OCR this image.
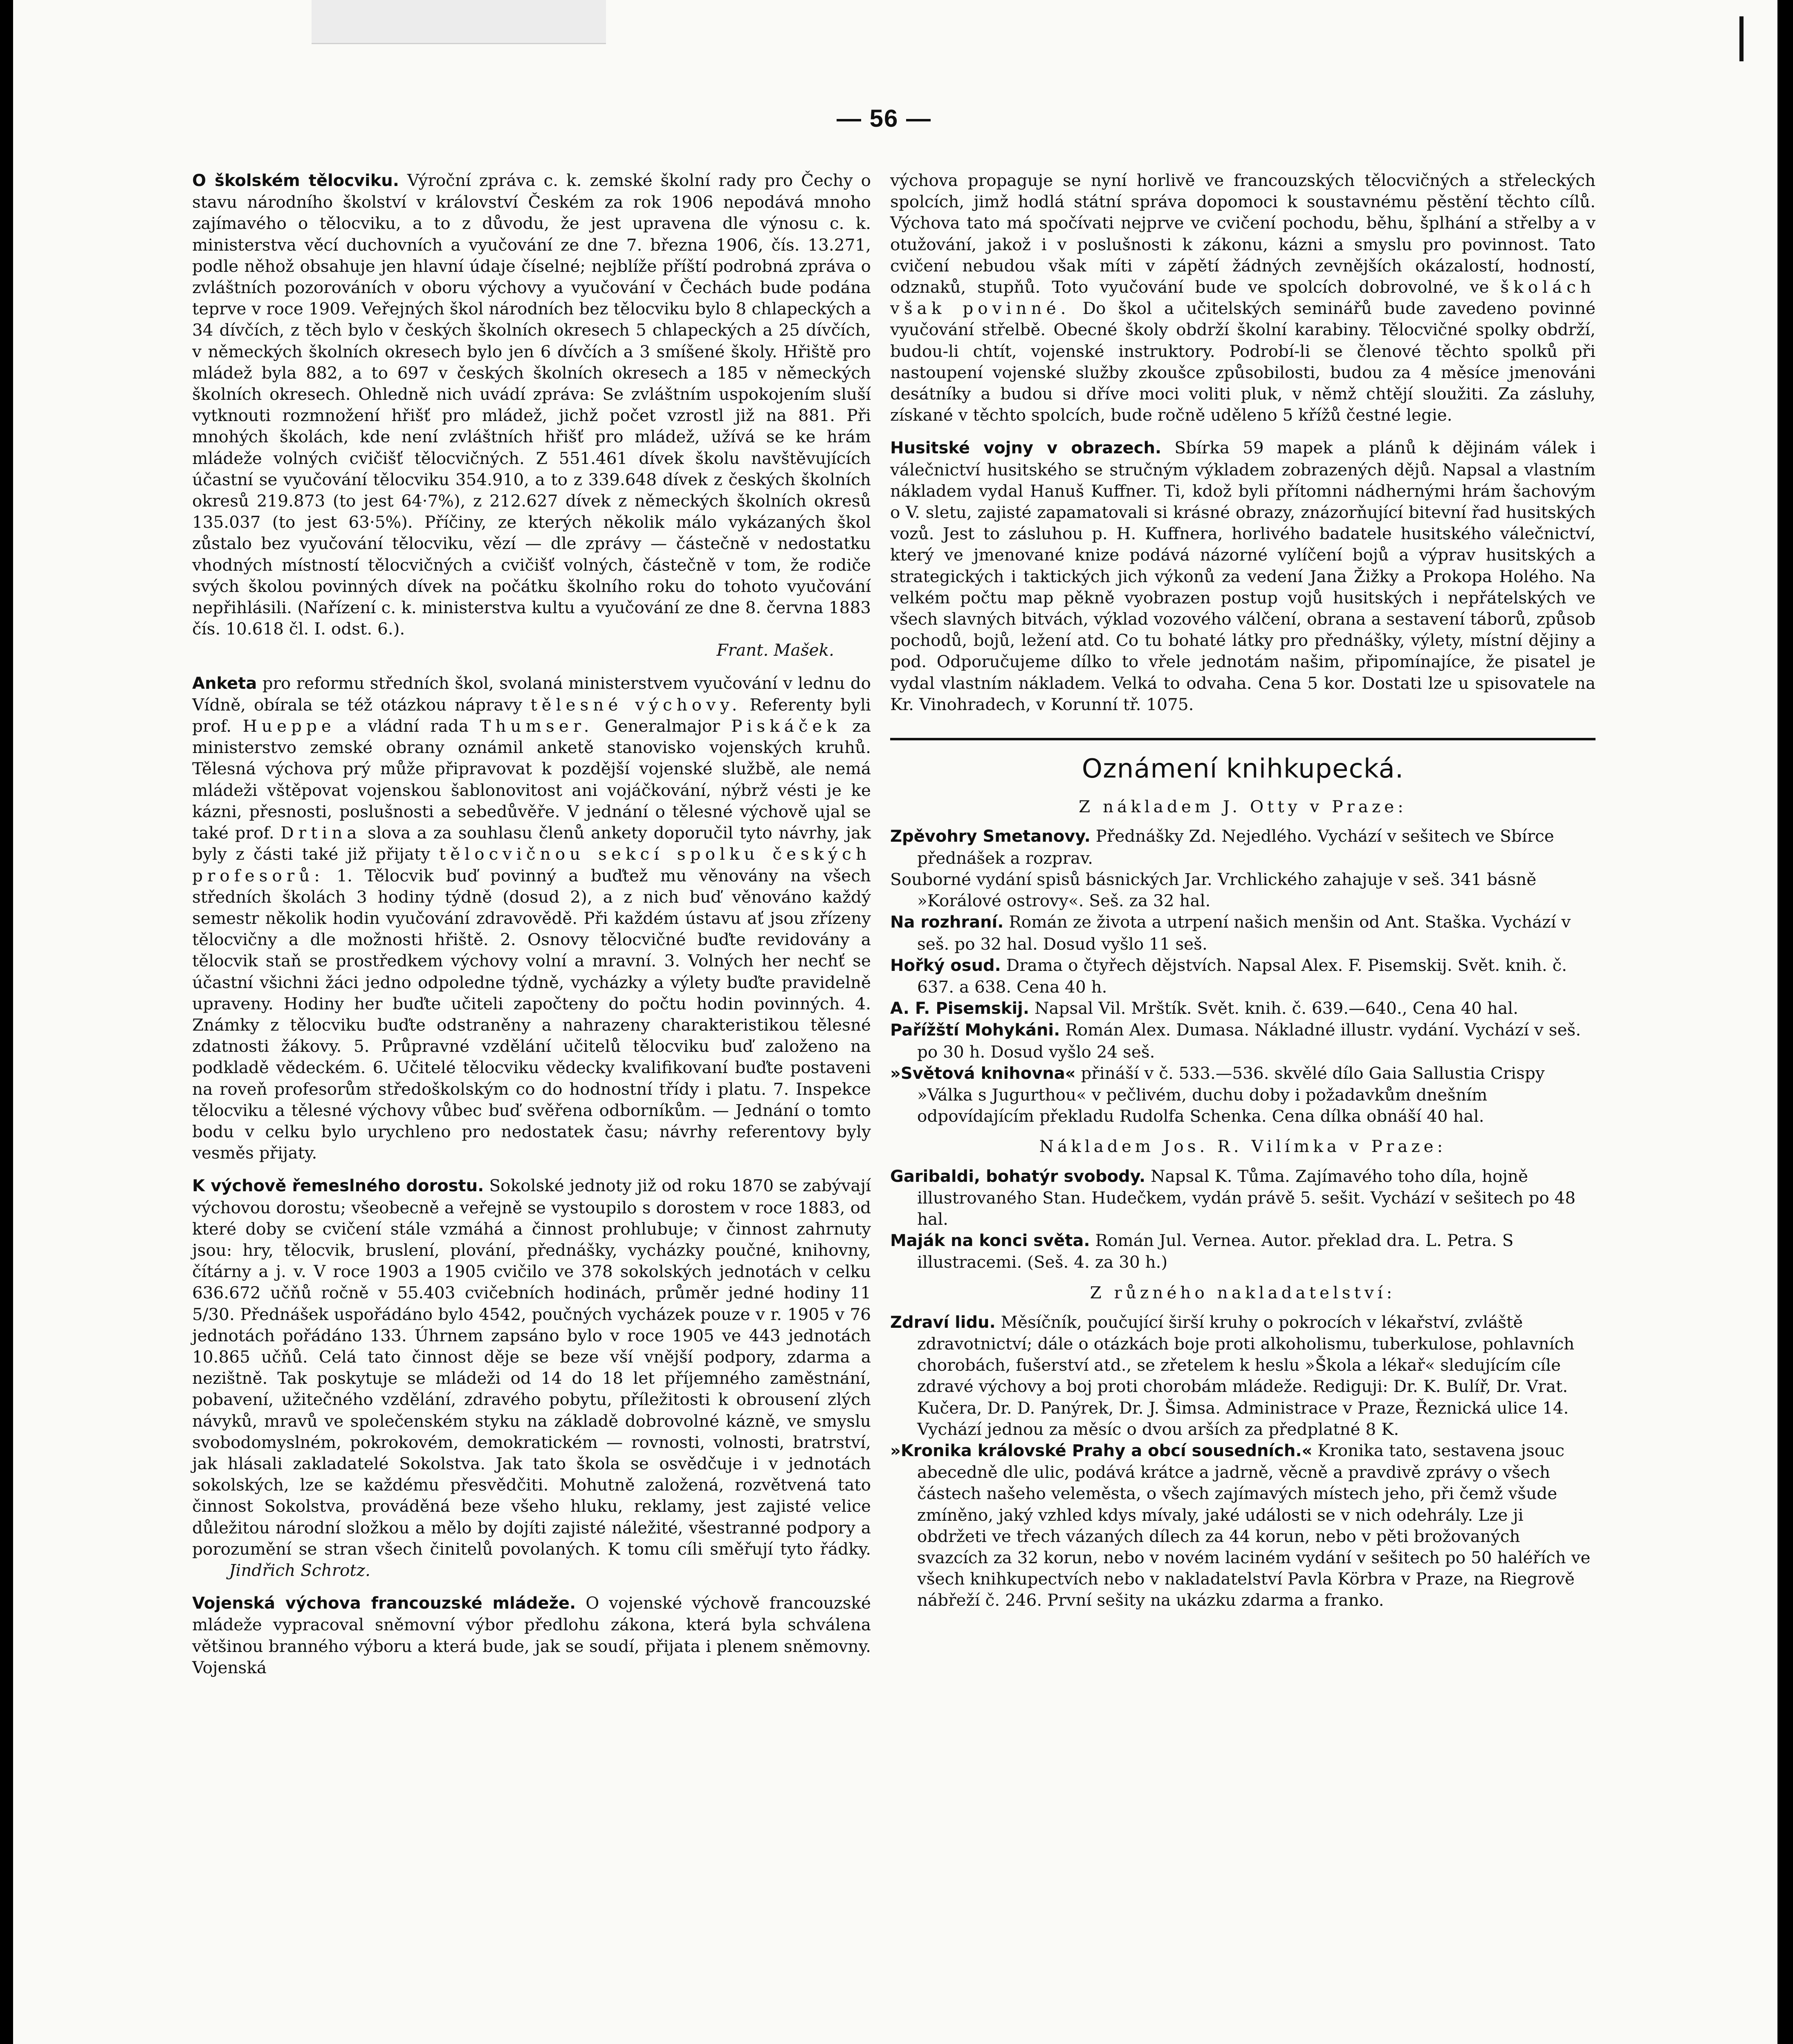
— 56 —

O školském tělocviku. Výroční zpráva c. k. zemské školní rady pro Čechy o stavu národního školství v království Českém za rok 1906 nepodává mnoho zajímavého o tělocviku, a to z důvodu, že jest upravena dle výnosu c. k. ministerstva věcí duchovních a vyučování ze dne 7. března 1906, čís. 13.271, podle něhož obsahuje jen hlavní údaje číselné; nejblíže příští podrobná zpráva o zvláštních pozorováních v oboru výchovy a vyučování v Čechách bude podána teprve v roce 1909. Veřejných škol národních bez tělocviku bylo 8 chlapeckých a 34 dívčích, z těch bylo v českých školních okresech 5 chlapeckých a 25 dívčích, v německých školních okresech bylo jen 6 dívčích a 3 smíšené školy. Hřiště pro mládež byla 882, a to 697 v českých školních okresech a 185 v německých školních okresech. Ohledně nich uvádí zpráva: Se zvláštním uspokojením sluší vytknouti rozmnožení hřišť pro mládež, jichž počet vzrostl již na 881. Při mnohých školách, kde není zvláštních hřišť pro mládež, užívá se ke hrám mládeže volných cvičišť tělocvičných. Z 551.461 dívek školu navštěvujících účastní se vyučování tělocviku 354.910, a to z 339.648 dívek z českých školních okresů 219.873 (to jest 64·7%), z 212.627 dívek z německých školních okresů 135.037 (to jest 63·5%). Příčiny, ze kterých několik málo vykázaných škol zůstalo bez vyučování tělocviku, vězí — dle zprávy — částečně v nedostatku vhodných místností tělocvičných a cvičišť volných, částečně v tom, že rodiče svých školou povinných dívek na počátku školního roku do tohoto vyučování nepřihlásili. (Nařízení c. k. ministerstva kultu a vyučování ze dne 8. června 1883 čís. 10.618 čl. I. odst. 6.).

Frant. Mašek.

Anketa pro reformu středních škol, svolaná ministerstvem vyučování v lednu do Vídně, obírala se též otázkou nápravy tělesné výchovy. Referenty byli prof. Hueppe a vládní rada Thumser. Generalmajor Piskáček za ministerstvo zemské obrany oznámil anketě stanovisko vojenských kruhů. Tělesná výchova prý může připravovat k pozdější vojenské službě, ale nemá mládeži vštěpovat vojenskou šablonovitost ani vojáčkování, nýbrž vésti je ke kázni, přesnosti, poslušnosti a sebedůvěře. V jednání o tělesné výchově ujal se také prof. Drtina slova a za souhlasu členů ankety doporučil tyto návrhy, jak byly z části také již přijaty tělocvičnou sekcí spolku českých profesorů: 1. Tělocvik buď povinný a buďtež mu věnovány na všech středních školách 3 hodiny týdně (dosud 2), a z nich buď věnováno každý semestr několik hodin vyučování zdravovědě. Při každém ústavu ať jsou zřízeny tělocvičny a dle možnosti hřiště. 2. Osnovy tělocvičné buďte revidovány a tělocvik staň se prostředkem výchovy volní a mravní. 3. Volných her nechť se účastní všichni žáci jedno odpoledne týdně, vycházky a výlety buďte pravidelně upraveny. Hodiny her buďte učiteli započteny do počtu hodin povinných. 4. Známky z tělocviku buďte odstraněny a nahrazeny charakteristikou tělesné zdatnosti žákovy. 5. Průpravné vzdělání učitelů tělocviku buď založeno na podkladě vědeckém. 6. Učitelé tělocviku vědecky kvalifikovaní buďte postaveni na roveň profesorům středoškolským co do hodnostní třídy i platu. 7. Inspekce tělocviku a tělesné výchovy vůbec buď svěřena odborníkům. — Jednání o tomto bodu v celku bylo urychleno pro nedostatek času; návrhy referentovy byly vesměs přijaty.

K výchově řemeslného dorostu. Sokolské jednoty již od roku 1870 se zabývají výchovou dorostu; všeobecně a veřejně se vystoupilo s dorostem v roce 1883, od které doby se cvičení stále vzmáhá a činnost prohlubuje; v činnost zahrnuty jsou: hry, tělocvik, bruslení, plování, přednášky, vycházky poučné, knihovny, čítárny a j. v. V roce 1903 a 1905 cvičilo ve 378 sokolských jednotách v celku 636.672 učňů ročně v 55.403 cvičebních hodinách, průměr jedné hodiny 11 5/30. Přednášek uspořádáno bylo 4542, poučných vycházek pouze v r. 1905 v 76 jednotách pořádáno 133. Úhrnem zapsáno bylo v roce 1905 ve 443 jednotách 10.865 učňů. Celá tato činnost děje se beze vší vnější podpory, zdarma a nezištně. Tak poskytuje se mládeži od 14 do 18 let příjemného zaměstnání, pobavení, užitečného vzdělání, zdravého pobytu, příležitosti k obrousení zlých návyků, mravů ve společenském styku na základě dobrovolné kázně, ve smyslu svobodomyslném, pokrokovém, demokratickém — rovnosti, volnosti, bratrství, jak hlásali zakladatelé Sokolstva. Jak tato škola se osvědčuje i v jednotách sokolských, lze se každému přesvědčiti. Mohutně založená, rozvětvená tato činnost Sokolstva, prováděná beze všeho hluku, reklamy, jest zajisté velice důležitou národní složkou a mělo by dojíti zajisté náležité, všestranné podpory a porozumění se stran všech činitelů povolaných. K tomu cíli směřují tyto řádky. Jindřich Schrotz.

Vojenská výchova francouzské mládeže. O vojenské výchově francouzské mládeže vypracoval sněmovní výbor předlohu zákona, která byla schválena většinou branného výboru a která bude, jak se soudí, přijata i plenem sněmovny. Vojenská

výchova propaguje se nyní horlivě ve francouzských tělocvičných a střeleckých spolcích, jimž hodlá státní správa dopomoci k soustavnému pěstění těchto cílů. Výchova tato má spočívati nejprve ve cvičení pochodu, běhu, šplhání a střelby a v otužování, jakož i v poslušnosti k zákonu, kázni a smyslu pro povinnost. Tato cvičení nebudou však míti v zápětí žádných zevnějších okázalostí, hodností, odznaků, stupňů. Toto vyučování bude ve spolcích dobrovolné, ve školách však povinné. Do škol a učitelských seminářů bude zavedeno povinné vyučování střelbě. Obecné školy obdrží školní karabiny. Tělocvičné spolky obdrží, budou-li chtít, vojenské instruktory. Podrobí-li se členové těchto spolků při nastoupení vojenské služby zkoušce způsobilosti, budou za 4 měsíce jmenováni desátníky a budou si dříve moci voliti pluk, v němž chtějí sloužiti. Za zásluhy, získané v těchto spolcích, bude ročně uděleno 5 křížů čestné legie.

Husitské vojny v obrazech. Sbírka 59 mapek a plánů k dějinám válek i válečnictví husitského se stručným výkladem zobrazených dějů. Napsal a vlastním nákladem vydal Hanuš Kuffner. Ti, kdož byli přítomni nádhernými hrám šachovým o V. sletu, zajisté zapamatovali si krásné obrazy, znázorňující bitevní řad husitských vozů. Jest to zásluhou p. H. Kuffnera, horlivého badatele husitského válečnictví, který ve jmenované knize podává názorné vylíčení bojů a výprav husitských a strategických i taktických jich výkonů za vedení Jana Žižky a Prokopa Holého. Na velkém počtu map pěkně vyobrazen postup vojů husitských i nepřátelských ve všech slavných bitvách, výklad vozového válčení, obrana a sestavení táborů, způsob pochodů, bojů, ležení atd. Co tu bohaté látky pro přednášky, výlety, místní dějiny a pod. Odporučujeme dílko to vřele jednotám našim, připomínajíce, že pisatel je vydal vlastním nákladem. Velká to odvaha. Cena 5 kor. Dostati lze u spisovatele na Kr. Vinohradech, v Korunní tř. 1075.

Oznámení knihkupecká.

Z nákladem J. Otty v Praze:

Zpěvohry Smetanovy. Přednášky Zd. Nejedlého. Vychází v sešitech ve Sbírce přednášek a rozprav.

Souborné vydání spisů básnických Jar. Vrchlického zahajuje v seš. 341 básně »Korálové ostrovy«. Seš. za 32 hal.

Na rozhraní. Román ze života a utrpení našich menšin od Ant. Staška. Vychází v seš. po 32 hal. Dosud vyšlo 11 seš.

Hořký osud. Drama o čtyřech dějstvích. Napsal Alex. F. Pisemskij. Svět. knih. č. 637. a 638. Cena 40 h.

A. F. Pisemskij. Napsal Vil. Mrštík. Svět. knih. č. 639.—640., Cena 40 hal.

Pařížští Mohykáni. Román Alex. Dumasa. Nákladné illustr. vydání. Vychází v seš. po 30 h. Dosud vyšlo 24 seš.

»Světová knihovna« přináší v č. 533.—536. skvělé dílo Gaia Sallustia Crispy »Válka s Jugurthou« v pečlivém, duchu doby i požadavkům dnešním odpovídajícím překladu Rudolfa Schenka. Cena dílka obnáší 40 hal.

Nákladem Jos. R. Vilímka v Praze:

Garibaldi, bohatýr svobody. Napsal K. Tůma. Zajímavého toho díla, hojně illustrovaného Stan. Hudečkem, vydán právě 5. sešit. Vychází v sešitech po 48 hal.

Maják na konci světa. Román Jul. Vernea. Autor. překlad dra. L. Petra. S illustracemi. (Seš. 4. za 30 h.)

Z různého nakladatelství:

Zdraví lidu. Měsíčník, poučující širší kruhy o pokrocích v lékařství, zvláště zdravotnictví; dále o otázkách boje proti alkoholismu, tuberkulose, pohlavních chorobách, fušerství atd., se zřetelem k heslu »Škola a lékař« sledujícím cíle zdravé výchovy a boj proti chorobám mládeže. Rediguji: Dr. K. Bulíř, Dr. Vrat. Kučera, Dr. D. Panýrek, Dr. J. Šimsa. Administrace v Praze, Řeznická ulice 14. Vychází jednou za měsíc o dvou arších za předplatné 8 K.

»Kronika královské Prahy a obcí sousedních.« Kronika tato, sestavena jsouc abecedně dle ulic, podává krátce a jadrně, věcně a pravdivě zprávy o všech částech našeho veleměsta, o všech zajímavých místech jeho, při čemž všude zmíněno, jaký vzhled kdys mívaly, jaké události se v nich odehrály. Lze ji obdržeti ve třech vázaných dílech za 44 korun, nebo v pěti brožovaných svazcích za 32 korun, nebo v novém laciném vydání v sešitech po 50 haléřích ve všech knihkupectvích nebo v nakladatelství Pavla Körbra v Praze, na Riegrově nábřeží č. 246. První sešity na ukázku zdarma a franko.
